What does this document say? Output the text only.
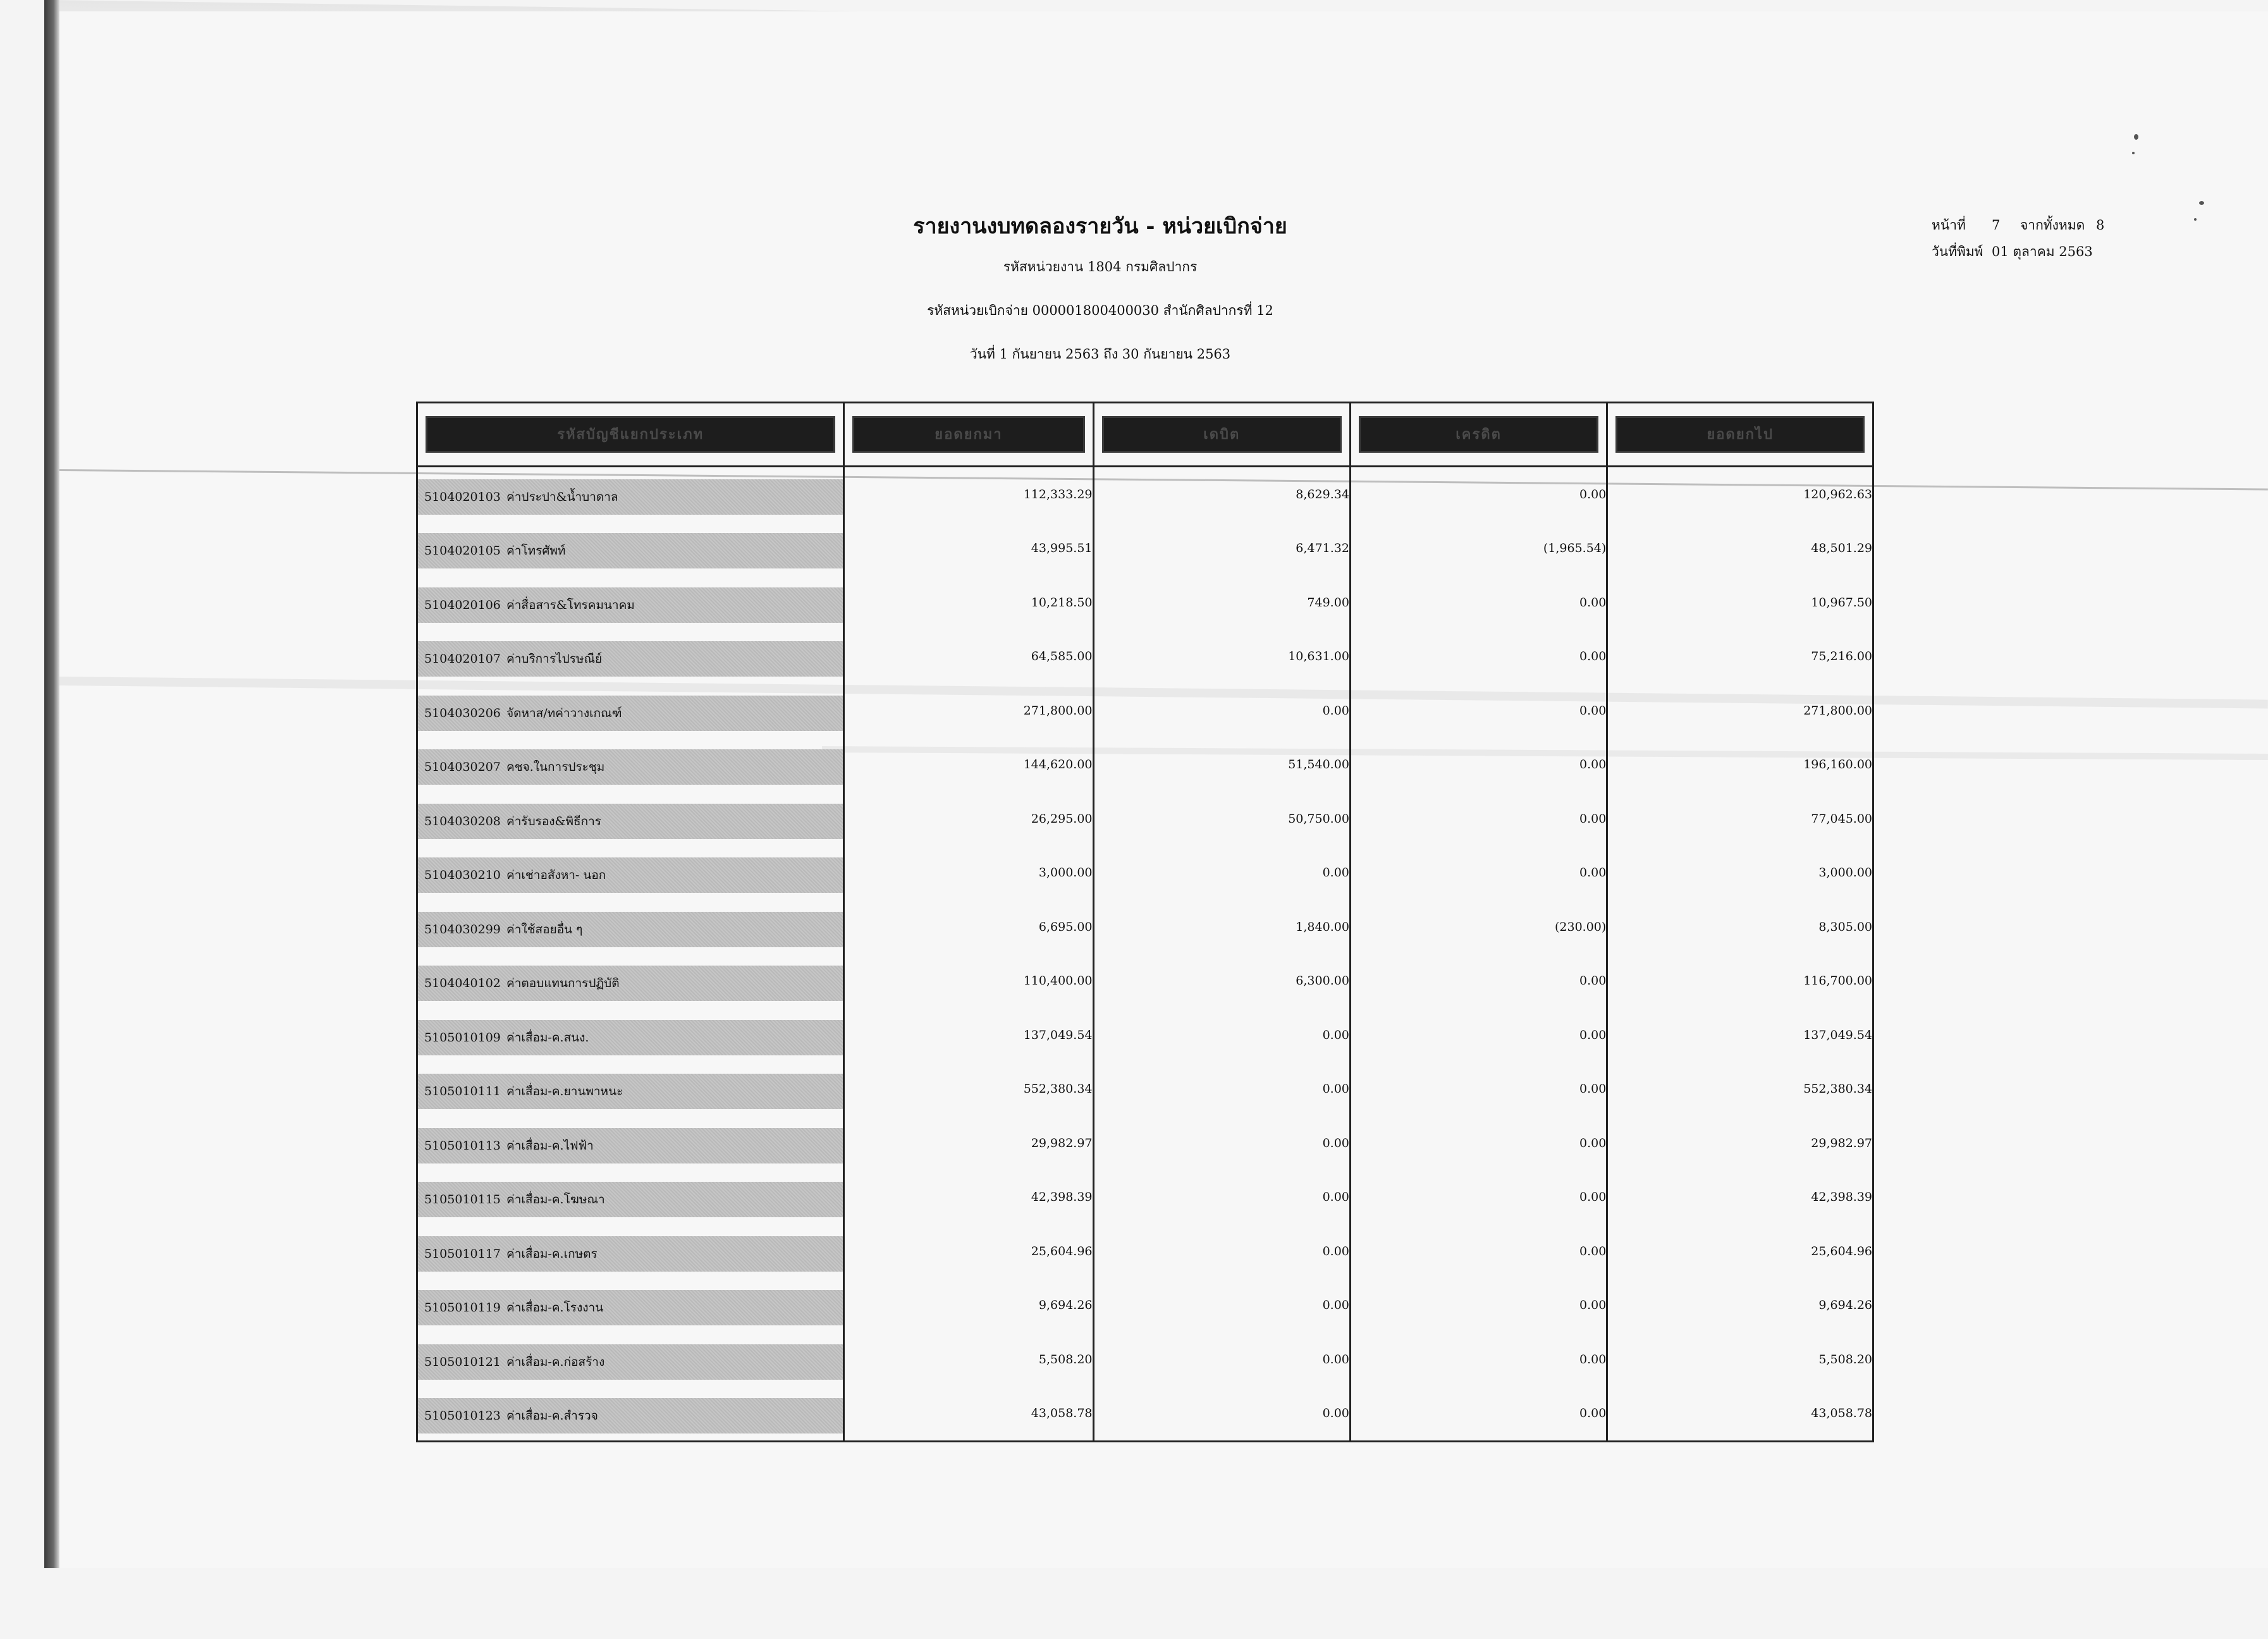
รายงานงบทดลองรายวัน - หน่วยเบิกจ่าย
รหัสหน่วยงาน 1804 กรมศิลปากร
รหัสหน่วยเบิกจ่าย 000001800400030 สำนักศิลปากรที่ 12
วันที่ 1 กันยายน 2563 ถึง 30 กันยายน 2563
หน้าที่ 7 จากทั้งหมด 8
วันที่พิมพ์ 01 ตุลาคม 2563
รหัสบัญชีแยกประเภท	ยอดยกมา	เดบิต	เครดิต	ยอดยกไป

5104020103 ค่าประปา&น้ำบาดาล	112,333.29	8,629.34	0.00	120,962.63

5104020105 ค่าโทรศัพท์	43,995.51	6,471.32	(1,965.54)	48,501.29

5104020106 ค่าสื่อสาร&โทรคมนาคม	10,218.50	749.00	0.00	10,967.50

5104020107 ค่าบริการไปรษณีย์	64,585.00	10,631.00	0.00	75,216.00

5104030206 จัดหาส/ทค่าวางเกณฑ์	271,800.00	0.00	0.00	271,800.00

5104030207 คชจ.ในการประชุม	144,620.00	51,540.00	0.00	196,160.00

5104030208 ค่ารับรอง&พิธีการ	26,295.00	50,750.00	0.00	77,045.00

5104030210 ค่าเช่าอสังหา- นอก	3,000.00	0.00	0.00	3,000.00

5104030299 ค่าใช้สอยอื่น ๆ	6,695.00	1,840.00	(230.00)	8,305.00

5104040102 ค่าตอบแทนการปฏิบัติ	110,400.00	6,300.00	0.00	116,700.00

5105010109 ค่าเสื่อม-ค.สนง.	137,049.54	0.00	0.00	137,049.54

5105010111 ค่าเสื่อม-ค.ยานพาหนะ	552,380.34	0.00	0.00	552,380.34

5105010113 ค่าเสื่อม-ค.ไฟฟ้า	29,982.97	0.00	0.00	29,982.97

5105010115 ค่าเสื่อม-ค.โฆษณา	42,398.39	0.00	0.00	42,398.39

5105010117 ค่าเสื่อม-ค.เกษตร	25,604.96	0.00	0.00	25,604.96

5105010119 ค่าเสื่อม-ค.โรงงาน	9,694.26	0.00	0.00	9,694.26

5105010121 ค่าเสื่อม-ค.ก่อสร้าง	5,508.20	0.00	0.00	5,508.20

5105010123 ค่าเสื่อม-ค.สำรวจ	43,058.78	0.00	0.00	43,058.78
